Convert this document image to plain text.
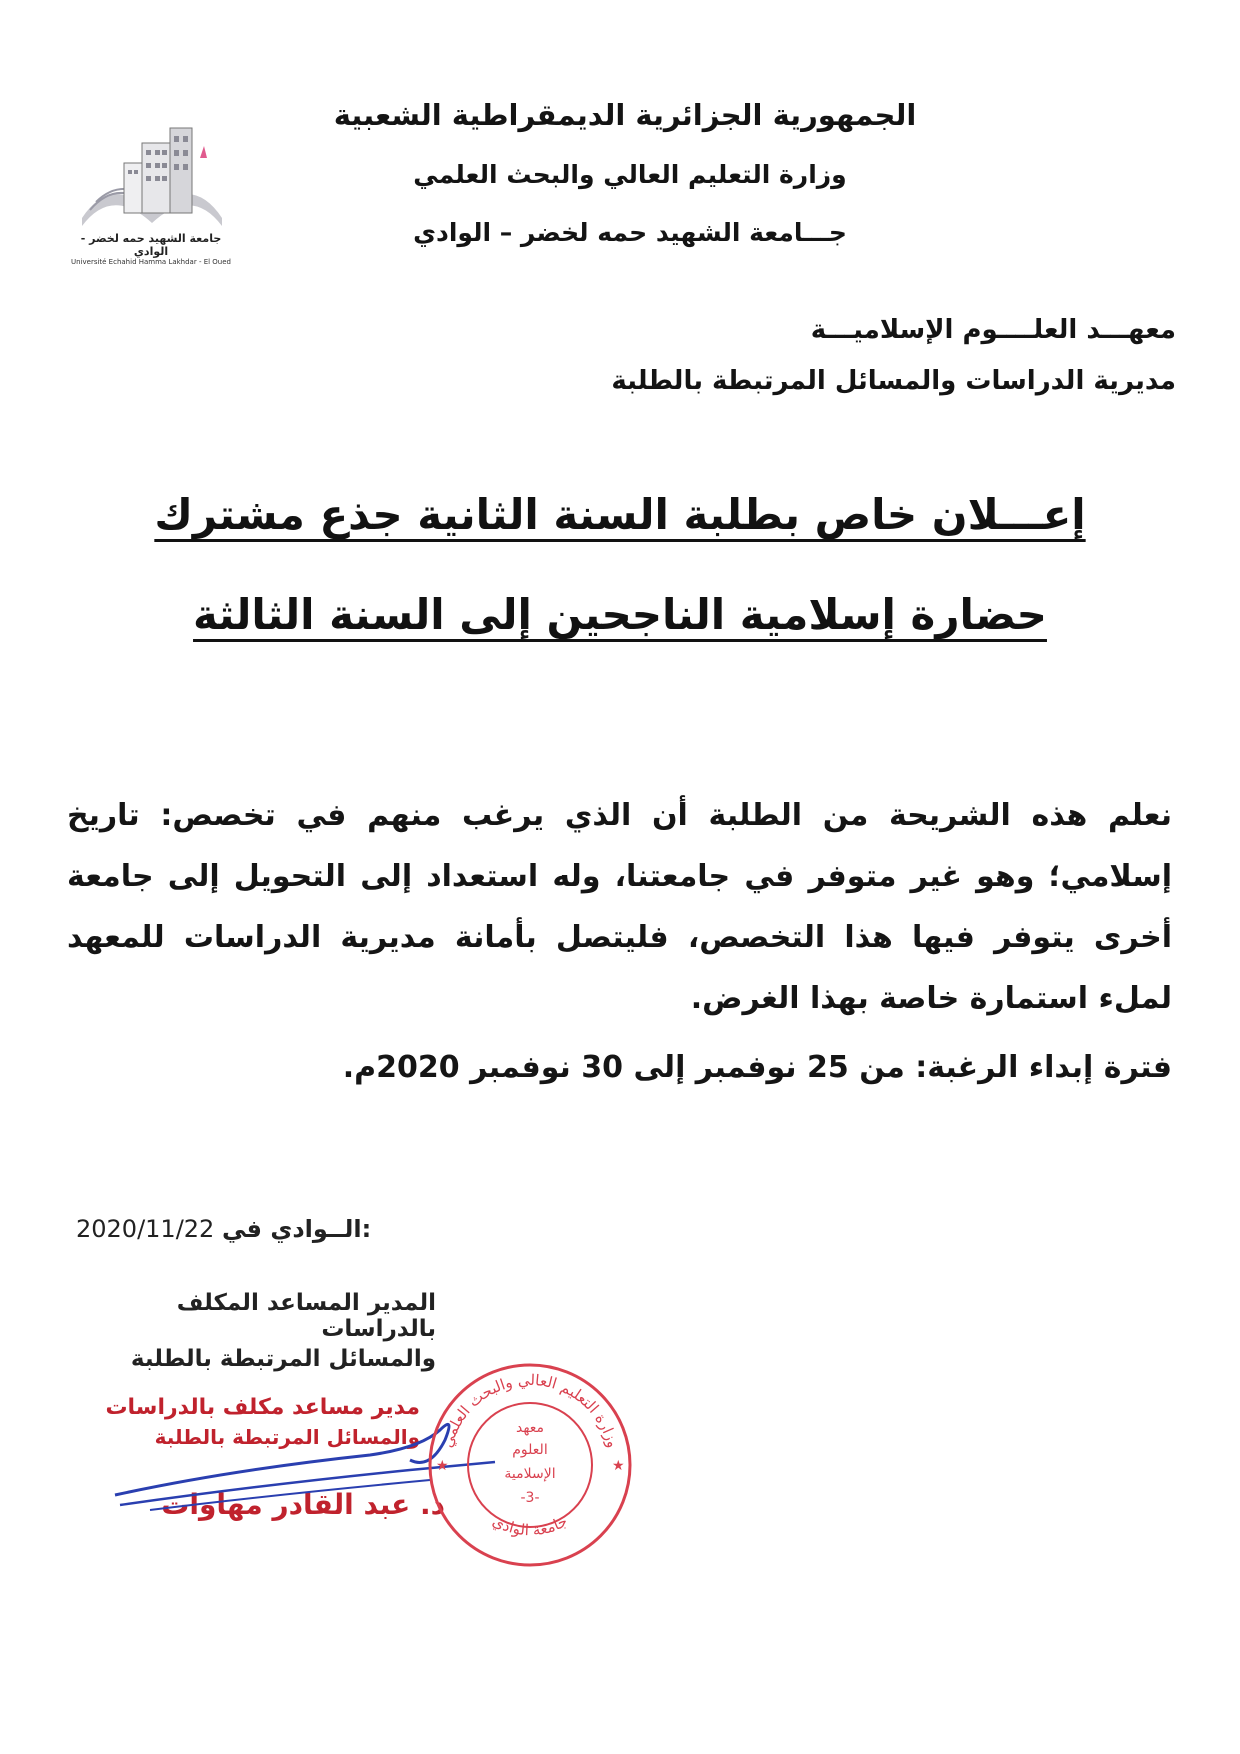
جامعة الشهيد حمه لخضر - الوادي
Université Echahid Hamma Lakhdar - El Oued
الجمهورية الجزائرية الديمقراطية الشعبية
وزارة التعليم العالي والبحث العلمي
جـــامعة الشهيد حمه لخضر – الوادي
معهـــد العلــــوم الإسلاميـــة
مديرية الدراسات والمسائل المرتبطة بالطلبة
إعـــلان خاص بطلبة السنة الثانية جذع مشترك
حضارة إسلامية الناجحين إلى السنة الثالثة
نعلم هذه الشريحة من الطلبة أن الذي يرغب منهم في تخصص: تاريخ إسلامي؛ وهو غير متوفر في جامعتنا، وله استعداد إلى التحويل إلى جامعة أخرى يتوفر فيها هذا التخصص، فليتصل بأمانة مديرية الدراسات للمعهد لملء استمارة خاصة بهذا الغرض.
فترة إبداء الرغبة: من 25 نوفمبر إلى 30 نوفمبر 2020م.
2020/11/22 الــوادي في:
المدير المساعد المكلف بالدراسات
والمسائل المرتبطة بالطلبة
مدير مساعد مكلف بالدراسات
والمسائل المرتبطة بالطلبة
د. عبد القادر مهاوات
وزارة التعليم العالي والبحث العلمي
جامعة الوادي
معهد
العلوم
الإسلامية
-3-
★	★
